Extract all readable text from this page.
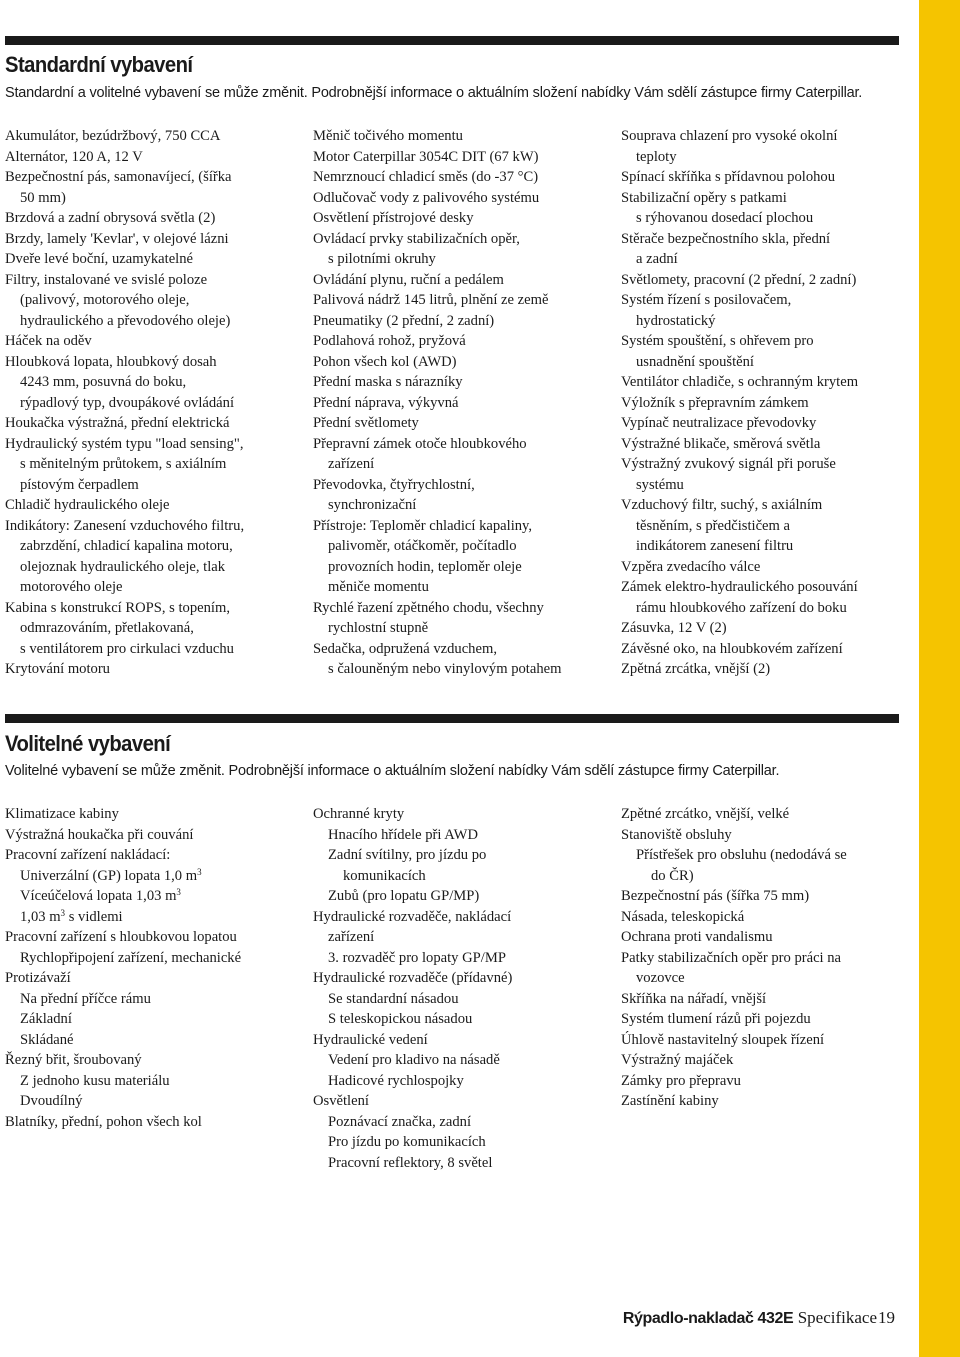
Standardní vybavení

Standardní a volitelné vybavení se může změnit. Podrobnější informace o aktuálním složení nabídky Vám sdělí zástupce firmy Caterpillar.

Akumulátor, bezúdržbový, 750 CCA
Alternátor, 120 A, 12 V
Bezpečnostní pás, samonavíjecí, (šířka
50 mm)
Brzdová a zadní obrysová světla (2)
Brzdy, lamely 'Kevlar', v olejové lázni
Dveře levé boční, uzamykatelné
Filtry, instalované ve svislé poloze
(palivový, motorového oleje,
hydraulického a převodového oleje)
Háček na oděv
Hloubková lopata, hloubkový dosah
4243 mm, posuvná do boku,
rýpadlový typ, dvoupákové ovládání
Houkačka výstražná, přední elektrická
Hydraulický systém typu "load sensing",
s měnitelným průtokem, s axiálním
pístovým čerpadlem
Chladič hydraulického oleje
Indikátory: Zanesení vzduchového filtru,
zabrzdění, chladicí kapalina motoru,
olejoznak hydraulického oleje, tlak
motorového oleje
Kabina s konstrukcí ROPS, s topením,
odmrazováním, přetlakovaná,
s ventilátorem pro cirkulaci vzduchu
Krytování motoru
Měnič točivého momentu
Motor Caterpillar 3054C DIT (67 kW)
Nemrznoucí chladicí směs (do -37 °C)
Odlučovač vody z palivového systému
Osvětlení přístrojové desky
Ovládací prvky stabilizačních opěr,
s pilotními okruhy
Ovládání plynu, ruční a pedálem
Palivová nádrž 145 litrů, plnění ze země
Pneumatiky (2 přední, 2 zadní)
Podlahová rohož, pryžová
Pohon všech kol (AWD)
Přední maska s nárazníky
Přední náprava, výkyvná
Přední světlomety
Přepravní zámek otoče hloubkového
zařízení
Převodovka, čtyřrychlostní,
synchronizační
Přístroje: Teploměr chladicí kapaliny,
palivoměr, otáčkoměr, počítadlo
provozních hodin, teploměr oleje
měniče momentu
Rychlé řazení zpětného chodu, všechny
rychlostní stupně
Sedačka, odpružená vzduchem,
s čalouněným nebo vinylovým potahem
Souprava chlazení pro vysoké okolní
teploty
Spínací skříňka s přídavnou polohou
Stabilizační opěry s patkami
s rýhovanou dosedací plochou
Stěrače bezpečnostního skla, přední
a zadní
Světlomety, pracovní (2 přední, 2 zadní)
Systém řízení s posilovačem,
hydrostatický
Systém spouštění, s ohřevem pro
usnadnění spouštění
Ventilátor chladiče, s ochranným krytem
Výložník s přepravním zámkem
Vypínač neutralizace převodovky
Výstražné blikače, směrová světla
Výstražný zvukový signál při poruše
systému
Vzduchový filtr, suchý, s axiálním
těsněním, s předčističem a
indikátorem zanesení filtru
Vzpěra zvedacího válce
Zámek elektro-hydraulického posouvání
rámu hloubkového zařízení do boku
Zásuvka, 12 V (2)
Závěsné oko, na hloubkovém zařízení
Zpětná zrcátka, vnější (2)
Volitelné vybavení

Volitelné vybavení se může změnit. Podrobnější informace o aktuálním složení nabídky Vám sdělí zástupce firmy Caterpillar.

Klimatizace kabiny
Výstražná houkačka při couvání
Pracovní zařízení nakládací:
Univerzální (GP) lopata 1,0 $m^3$
Víceúčelová lopata 1,03 $m^3$
1,03 $m^3$ s vidlemi
Pracovní zařízení s hloubkovou lopatou
Rychlopřipojení zařízení, mechanické
Protizávaží
Na přední příčce rámu
Základní
Skládané
Řezný břit, šroubovaný
Z jednoho kusu materiálu
Dvoudílný
Blatníky, přední, pohon všech kol
Ochranné kryty
Hnacího hřídele při AWD
Zadní svítilny, pro jízdu po
komunikacích
Zubů (pro lopatu GP/MP)
Hydraulické rozvaděče, nakládací
zařízení
3. rozvaděč pro lopaty GP/MP
Hydraulické rozvaděče (přídavné)
Se standardní násadou
S teleskopickou násadou
Hydraulické vedení
Vedení pro kladivo na násadě
Hadicové rychlospojky
Osvětlení
Poznávací značka, zadní
Pro jízdu po komunikacích
Pracovní reflektory, 8 světel
Zpětné zrcátko, vnější, velké
Stanoviště obsluhy
Přístřešek pro obsluhu (nedodává se
do ČR)
Bezpečnostní pás (šířka 75 mm)
Násada, teleskopická
Ochrana proti vandalismu
Patky stabilizačních opěr pro práci na
vozovce
Skříňka na nářadí, vnější
Systém tlumení rázů při pojezdu
Úhlově nastavitelný sloupek řízení
Výstražný majáček
Zámky pro přepravu
Zastínění kabiny
Rýpadlo-nakladač 432E Specifikace 19
